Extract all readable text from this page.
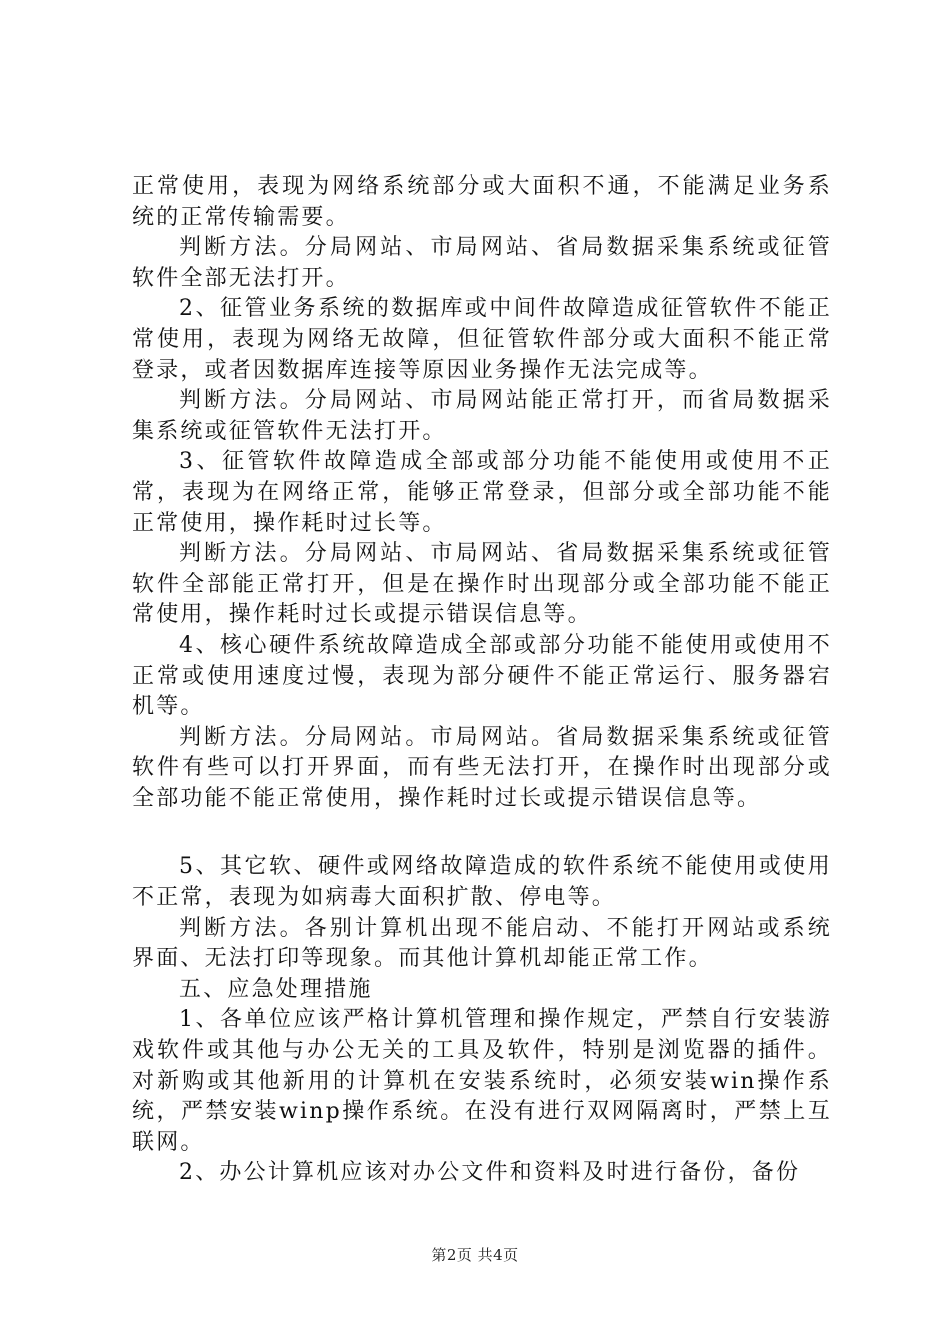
正常使用，表现为网络系统部分或大面积不通，不能满足业务系统的正常传输需要。

判断方法。分局网站、市局网站、省局数据采集系统或征管软件全部无法打开。

2、征管业务系统的数据库或中间件故障造成征管软件不能正常使用，表现为网络无故障，但征管软件部分或大面积不能正常登录，或者因数据库连接等原因业务操作无法完成等。

判断方法。分局网站、市局网站能正常打开，而省局数据采集系统或征管软件无法打开。

3、征管软件故障造成全部或部分功能不能使用或使用不正常，表现为在网络正常，能够正常登录，但部分或全部功能不能正常使用，操作耗时过长等。

判断方法。分局网站、市局网站、省局数据采集系统或征管软件全部能正常打开，但是在操作时出现部分或全部功能不能正常使用，操作耗时过长或提示错误信息等。

4、核心硬件系统故障造成全部或部分功能不能使用或使用不正常或使用速度过慢，表现为部分硬件不能正常运行、服务器宕机等。

判断方法。分局网站。市局网站。省局数据采集系统或征管软件有些可以打开界面，而有些无法打开，在操作时出现部分或全部功能不能正常使用，操作耗时过长或提示错误信息等。

5、其它软、硬件或网络故障造成的软件系统不能使用或使用不正常，表现为如病毒大面积扩散、停电等。

判断方法。各别计算机出现不能启动、不能打开网站或系统界面、无法打印等现象。而其他计算机却能正常工作。

五、应急处理措施

1、各单位应该严格计算机管理和操作规定，严禁自行安装游戏软件或其他与办公无关的工具及软件，特别是浏览器的插件。对新购或其他新用的计算机在安装系统时，必须安装win操作系统，严禁安装winp操作系统。在没有进行双网隔离时，严禁上互联网。

2、办公计算机应该对办公文件和资料及时进行备份，备份

第2页 共4页
